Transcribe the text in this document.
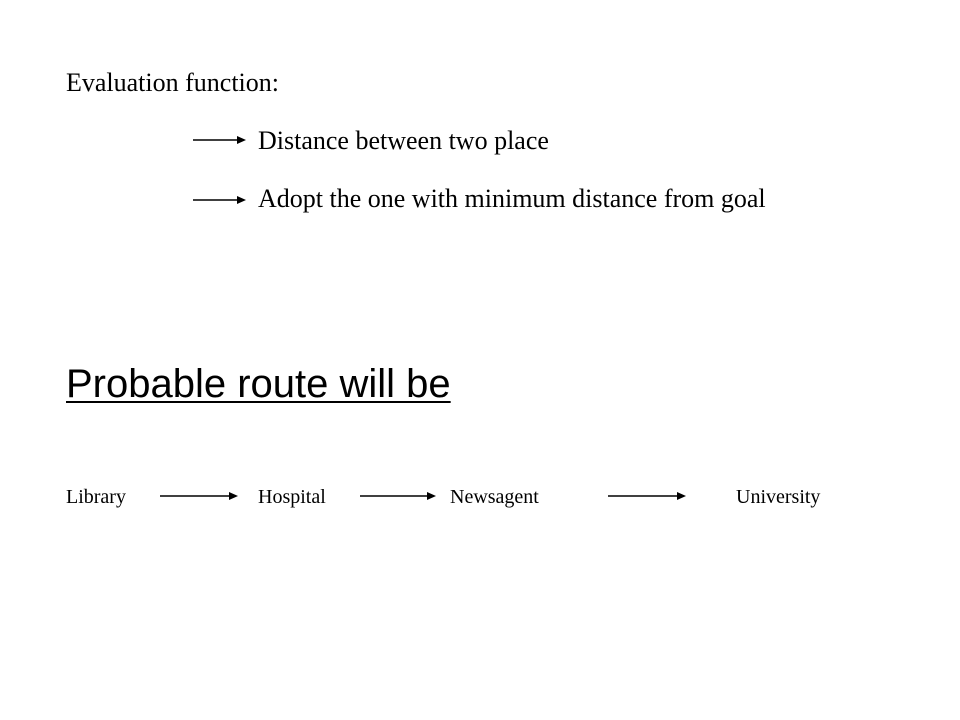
Evaluation function:
Distance between two place
Adopt the one with minimum distance from goal
Probable route will be
Library	Hospital	Newsagent	University
